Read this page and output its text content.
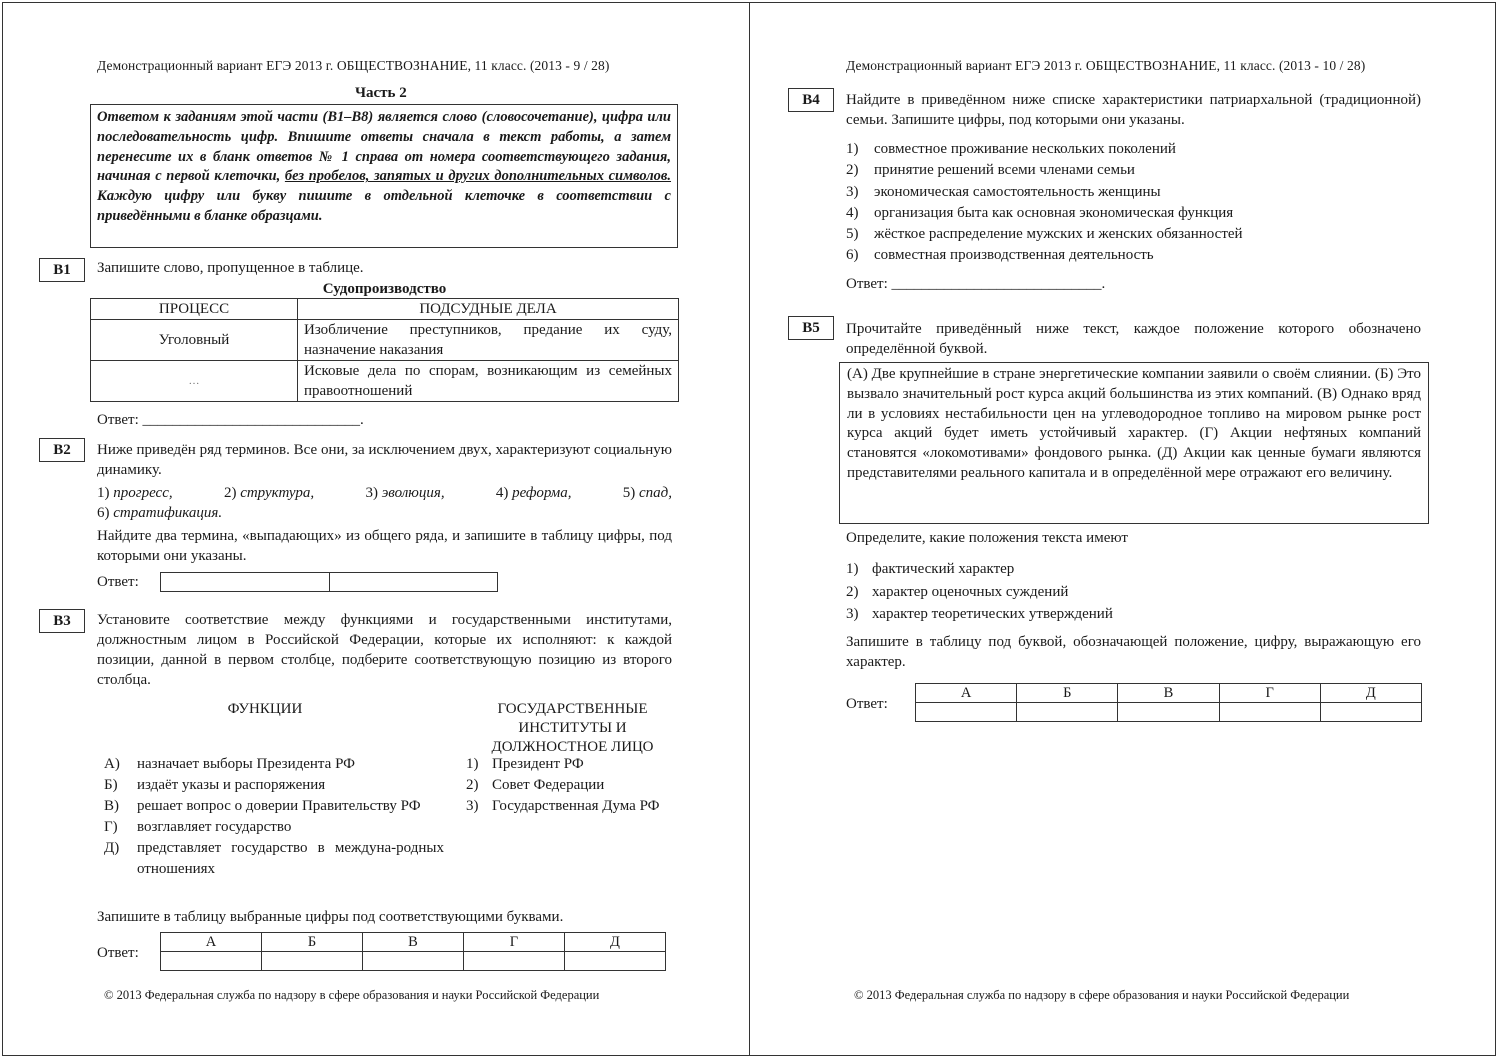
Демонстрационный вариант ЕГЭ 2013 г. ОБЩЕСТВОЗНАНИЕ, 11 класс. (2013 - 9 / 28)
Часть 2
Ответом к заданиям этой части (В1–В8) является слово (словосочетание), цифра или последовательность цифр. Впишите ответы сначала в текст работы, а затем перенесите их в бланк ответов № 1 справа от номера соответствующего задания, начиная с первой клеточки, без пробелов, запятых и других дополнительных символов. Каждую цифру или букву пишите в отдельной клеточке в соответствии с приведёнными в бланке образцами.
B1	Запишите слово, пропущенное в таблице.
Судопроизводство
ПРОЦЕСС	ПОДСУДНЫЕ ДЕЛА
Уголовный	Изобличение преступников, предание их суду, назначение наказания
…	Исковые дела по спорам, возникающим из семейных правоотношений
Ответ: _____________________________.
B2	Ниже приведён ряд терминов. Все они, за исключением двух, характеризуют социальную динамику.
1) прогресс,	2) структура,	3) эволюция,	4) реформа,	5) спад,
6) стратификация.
Найдите два термина, «выпадающих» из общего ряда, и запишите в таблицу цифры, под которыми они указаны.
Ответ:

B3	Установите соответствие между функциями и государственными институтами, должностным лицом в Российской Федерации, которые их исполняют: к каждой позиции, данной в первом столбце, подберите соответствующую позицию из второго столбца.
ФУНКЦИИ	ГОСУДАРСТВЕННЫЕ ИНСТИТУТЫ И ДОЛЖНОСТНОЕ ЛИЦО
А)	назначает выборы Президента РФ
Б)	издаёт указы и распоряжения
В)	решает вопрос о доверии Правительству РФ
Г)	возглавляет государство
Д)	представляет государство в междуна-родных отношениях
1) Президент РФ
2) Совет Федерации
3) Государственная Дума РФ
Запишите в таблицу выбранные цифры под соответствующими буквами.
Ответ:
А	Б	В	Г	Д

© 2013 Федеральная служба по надзору в сфере образования и науки Российской Федерации
Демонстрационный вариант ЕГЭ 2013 г. ОБЩЕСТВОЗНАНИЕ, 11 класс. (2013 - 10 / 28)
B4	Найдите в приведённом ниже списке характеристики патриархальной (традиционной) семьи. Запишите цифры, под которыми они указаны.
1) совместное проживание нескольких поколений
2) принятие решений всеми членами семьи
3) экономическая самостоятельность женщины
4) организация быта как основная экономическая функция
5) жёсткое распределение мужских и женских обязанностей
6) совместная производственная деятельность
Ответ: ____________________________.
B5	Прочитайте приведённый ниже текст, каждое положение которого обозначено определённой буквой.
(А) Две крупнейшие в стране энергетические компании заявили о своём слиянии. (Б) Это вызвало значительный рост курса акций большинства из этих компаний. (В) Однако вряд ли в условиях нестабильности цен на углеводородное топливо на мировом рынке рост курса акций будет иметь устойчивый характер. (Г) Акции нефтяных компаний становятся «локомотивами» фондового рынка. (Д) Акции как ценные бумаги являются представителями реального капитала и в определённой мере отражают его величину.
Определите, какие положения текста имеют
1) фактический характер
2) характер оценочных суждений
3) характер теоретических утверждений
Запишите в таблицу под буквой, обозначающей положение, цифру, выражающую его характер.
Ответ:
А	Б	В	Г	Д

© 2013 Федеральная служба по надзору в сфере образования и науки Российской Федерации
